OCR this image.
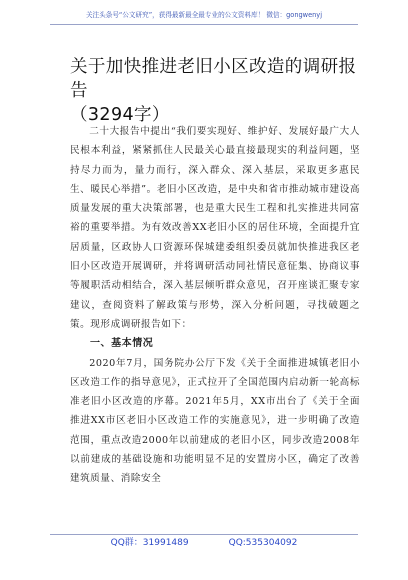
关注头条号“公文研究”，获得最新最全最专业的公文资料库！ 微信：gongwenyj
关于加快推进老旧小区改造的调研报告
（3294字）

二十大报告中提出“我们要实现好、维护好、发展好最广大人民根本利益，紧紧抓住人民最关心最直接最现实的利益问题，坚持尽力而为，量力而行，深入群众、深入基层，采取更多惠民生、暖民心举措”。老旧小区改造，是中央和省市推动城市建设高质量发展的重大决策部署，也是重大民生工程和扎实推进共同富裕的重要举措。为有效改善XX老旧小区的居住环境，全面提升宜居质量，区政协人口资源环保城建委组织委员就加快推进我区老旧小区改造开展调研，并将调研活动同社情民意征集、协商议事等履职活动相结合，深入基层倾听群众意见，召开座谈汇聚专家建议，查阅资料了解政策与形势，深入分析问题，寻找破题之策。现形成调研报告如下：

一、基本情况

2020年7月，国务院办公厅下发《关于全面推进城镇老旧小区改造工作的指导意见》，正式拉开了全国范围内启动新一轮高标准老旧小区改造的序幕。2021年5月，XX市出台了《关于全面推进XX市区老旧小区改造工作的实施意见》，进一步明确了改造范围，重点改造2000年以前建成的老旧小区，同步改造2008年以前建成的基础设施和功能明显不足的安置房小区，确定了改善建筑质量、消除安全

QQ群：31991489	QQ:535304092
